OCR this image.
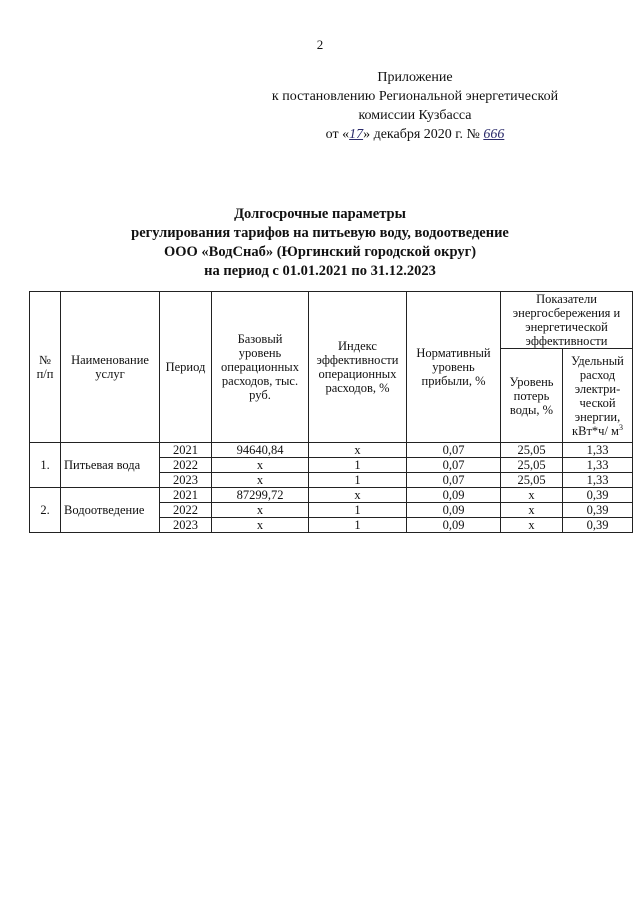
2
Приложение
к постановлению Региональной энергетической
комиссии Кузбасса
от «17» декабря 2020 г. № 666
Долгосрочные параметры
регулирования тарифов на питьевую воду, водоотведение
ООО «ВодСнаб» (Юргинский городской округ)
на период с 01.01.2021 по 31.12.2023
№ п/п	Наименование услуг	Период	Базовый уровень операционных расходов, тыс. руб.	Индекс эффективности операционных расходов, %	Нормативный уровень прибыли, %	Показатели энергосбережения и энергетической эффективности	
						Уровень потерь воды, %	Удельный расход электри-ческой энергии, кВт*ч/ $м^3$
1.	Питьевая вода	2021	94640,84	х	0,07	25,05	1,33
		2022	х	1	0,07	25,05	1,33
		2023	х	1	0,07	25,05	1,33
2.	Водоотведение	2021	87299,72	х	0,09	х	0,39
		2022	х	1	0,09	х	0,39
		2023	х	1	0,09	х	0,39
